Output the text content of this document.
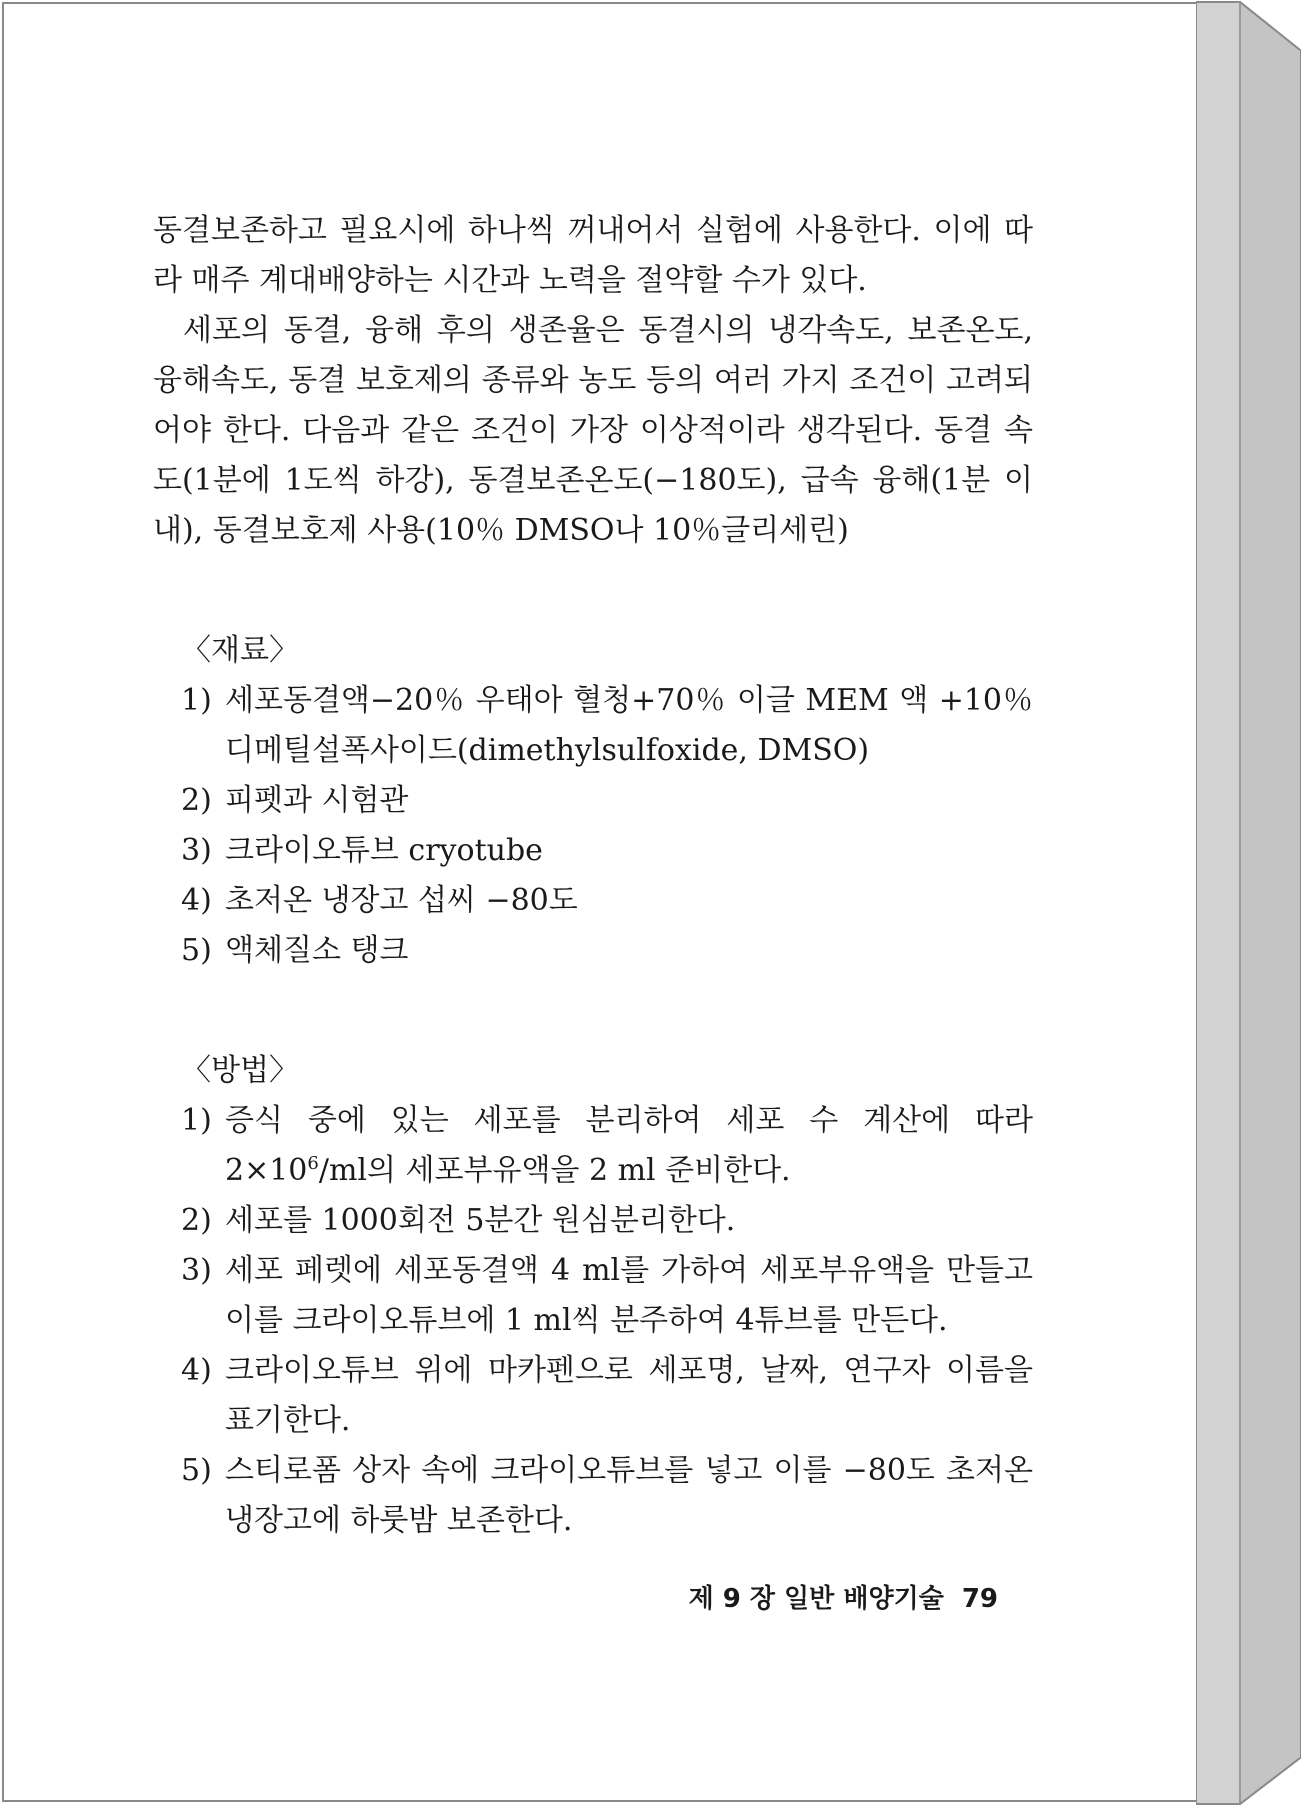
동결보존하고 필요시에 하나씩 꺼내어서 실험에 사용한다. 이에 따라 매주 계대배양하는 시간과 노력을 절약할 수가 있다.

세포의 동결, 융해 후의 생존율은 동결시의 냉각속도, 보존온도, 융해속도, 동결 보호제의 종류와 농도 등의 여러 가지 조건이 고려되어야 한다. 다음과 같은 조건이 가장 이상적이라 생각된다. 동결 속도(1분에 1도씩 하강), 동결보존온도(−180도), 급속 융해(1분 이내), 동결보호제 사용(10％ DMSO나 10％글리세린)

〈재료〉

1) 세포동결액−20％ 우태아 혈청+70％ 이글 MEM 액 +10％ 디메틸설폭사이드(dimethylsulfoxide, DMSO)
2) 피펫과 시험관
3) 크라이오튜브 cryotube
4) 초저온 냉장고 섭씨 −80도
5) 액체질소 탱크

〈방법〉

1) 증식 중에 있는 세포를 분리하여 세포 수 계산에 따라 $2\times 10^6/ml$의 세포부유액을 2 ml 준비한다.
2) 세포를 1000회전 5분간 원심분리한다.
3) 세포 페렛에 세포동결액 4 ml를 가하여 세포부유액을 만들고 이를 크라이오튜브에 1 ml씩 분주하여 4튜브를 만든다.
4) 크라이오튜브 위에 마카펜으로 세포명, 날짜, 연구자 이름을 표기한다.
5) 스티로폼 상자 속에 크라이오튜브를 넣고 이를 −80도 초저온 냉장고에 하룻밤 보존한다.
제 9 장 일반 배양기술 79
